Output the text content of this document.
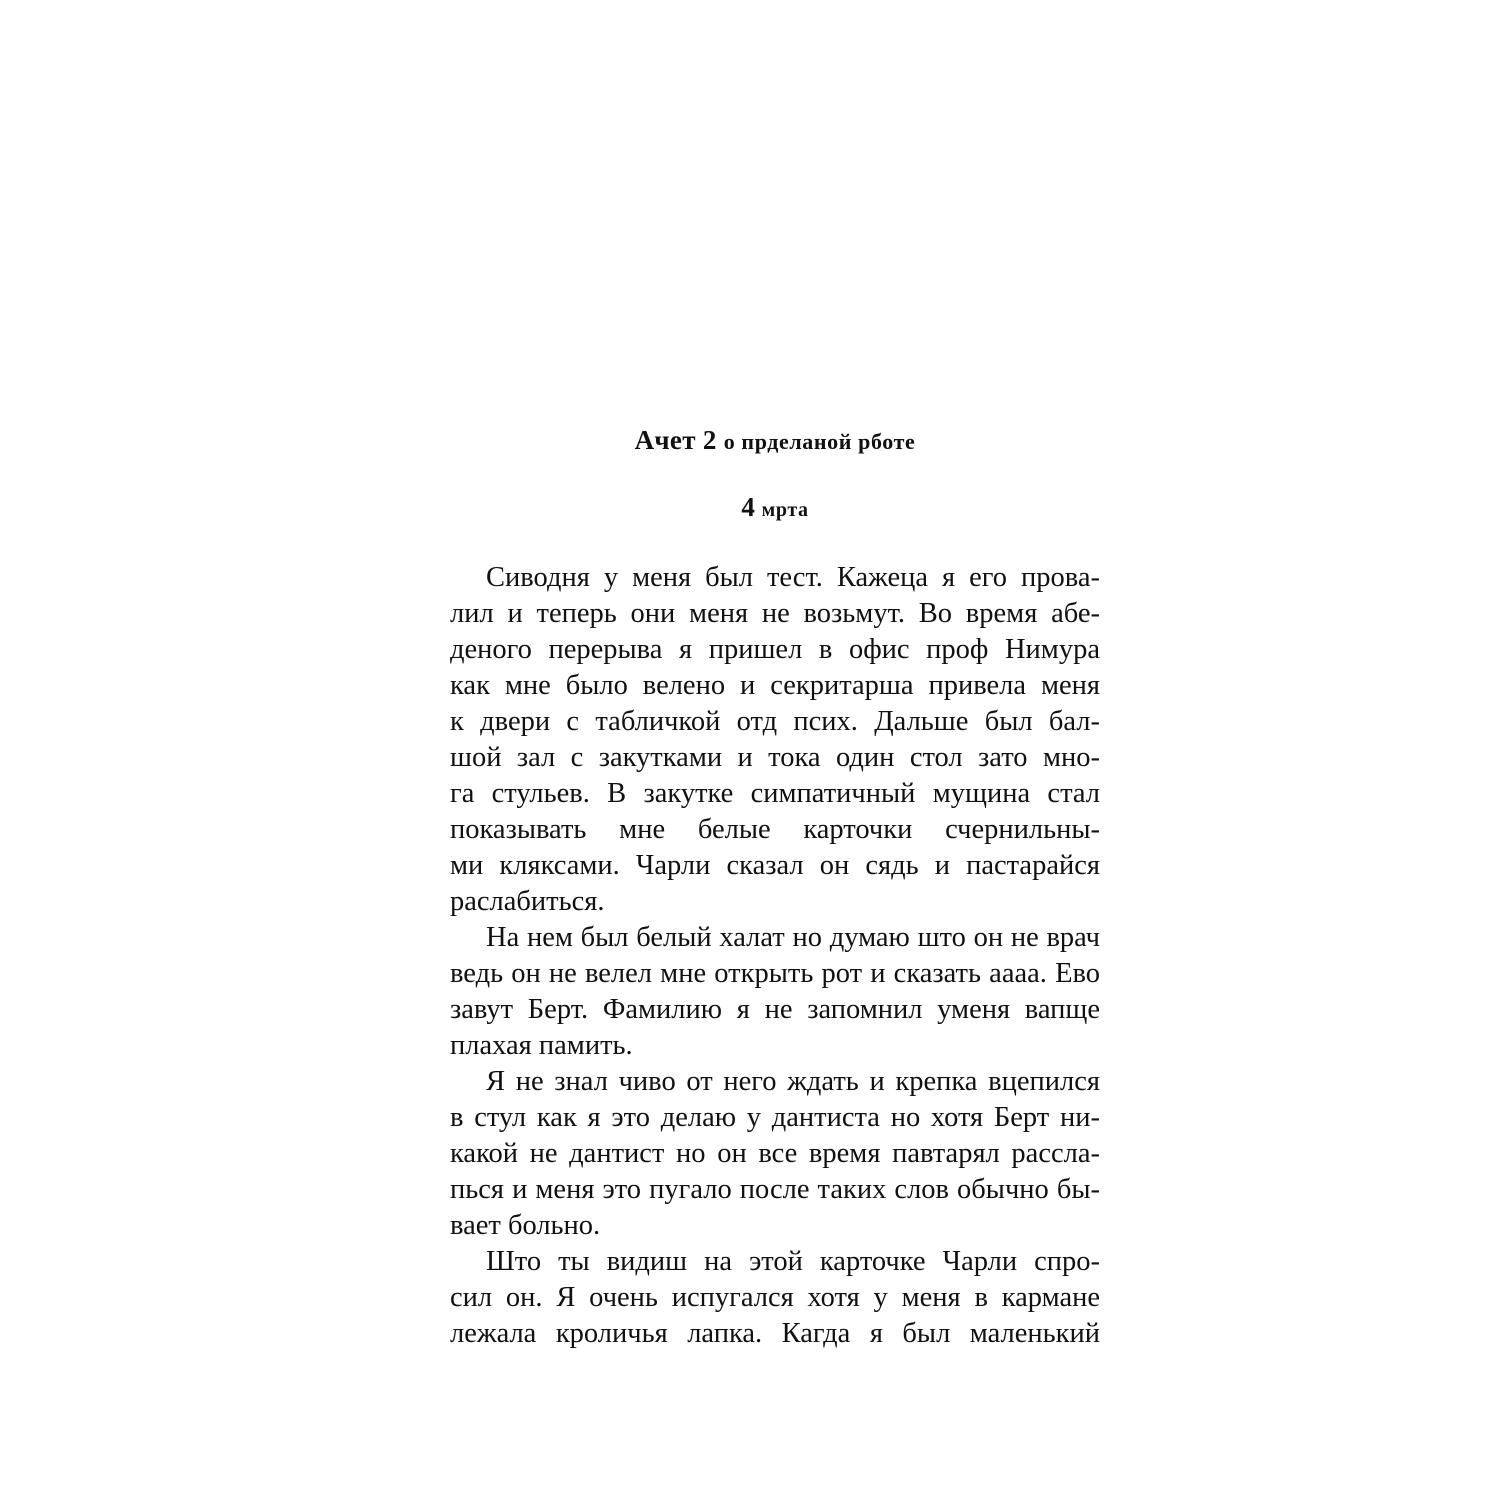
Ачет 2 о прделаной рботе
4 мрта
Сиводня у меня был тест. Кажеца я его прова-
лил и теперь они меня не возьмут. Во время абе-
деного перерыва я пришел в офис проф Нимура
как мне было велено и секритарша привела меня
к двери с табличкой отд псих. Дальше был бал-
шой зал с закутками и тока один стол зато мно-
га стульев. В закутке симпатичный мущина стал
показывать мне белые карточки счернильны-
ми кляксами. Чарли сказал он сядь и пастарайся
раслабиться.
На нем был белый халат но думаю што он не врач
ведь он не велел мне открыть рот и сказать аааа. Ево
завут Берт. Фамилию я не запомнил уменя вапще
плахая памить.
Я не знал чиво от него ждать и крепка вцепился
в стул как я это делаю у дантиста но хотя Берт ни-
какой не дантист но он все время павтарял рассла-
пься и меня это пугало после таких слов обычно бы-
вает больно.
Што ты видиш на этой карточке Чарли спро-
сил он. Я очень испугался хотя у меня в кармане
лежала кроличья лапка. Кагда я был маленький
